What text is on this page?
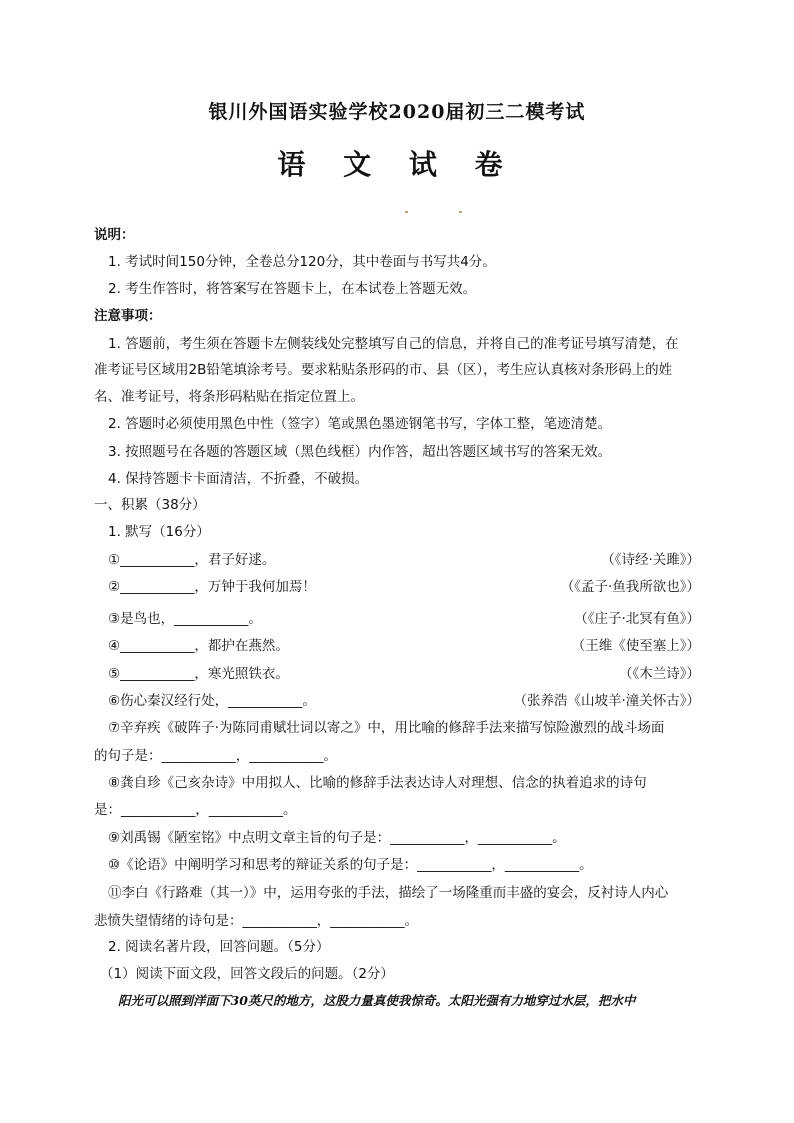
银川外国语实验学校2020届初三二模考试
语 文 试 卷
说明：
1. 考试时间150分钟，全卷总分120分，其中卷面与书写共4分。
2. 考生作答时，将答案写在答题卡上，在本试卷上答题无效。
注意事项：
1. 答题前，考生须在答题卡左侧装线处完整填写自己的信息，并将自己的准考证号填写清楚，在
准考证号区域用2B铅笔填涂考号。要求粘贴条形码的市、县（区），考生应认真核对条形码上的姓
名、准考证号，将条形码粘贴在指定位置上。
2. 答题时必须使用黑色中性（签字）笔或黑色墨迹钢笔书写，字体工整，笔迹清楚。
3. 按照题号在各题的答题区域（黑色线框）内作答，超出答题区域书写的答案无效。
4. 保持答题卡卡面清洁，不折叠，不破损。
一、积累（38分）
1. 默写（16分）
①___________，君子好逑。	（《诗经·关雎》）
②___________，万钟于我何加焉！	（《孟子·鱼我所欲也》）
③是鸟也，___________。	（《庄子·北冥有鱼》）
④___________，都护在燕然。	（王维《使至塞上》）
⑤___________，寒光照铁衣。	（《木兰诗》）
⑥伤心秦汉经行处，___________。	（张养浩《山坡羊·潼关怀古》）
⑦辛弃疾《破阵子·为陈同甫赋壮词以寄之》中，用比喻的修辞手法来描写惊险激烈的战斗场面
的句子是：___________，___________。
⑧龚自珍《己亥杂诗》中用拟人、比喻的修辞手法表达诗人对理想、信念的执着追求的诗句
是：___________，___________。
⑨刘禹锡《陋室铭》中点明文章主旨的句子是：___________，___________。
⑩《论语》中阐明学习和思考的辩证关系的句子是：___________，___________。
⑪李白《行路难（其一）》中，运用夸张的手法，描绘了一场隆重而丰盛的宴会，反衬诗人内心
悲愤失望情绪的诗句是：___________，___________。
2. 阅读名著片段，回答问题。（5分）
（1）阅读下面文段，回答文段后的问题。（2分）
阳光可以照到洋面下30英尺的地方，这股力量真使我惊奇。太阳光强有力地穿过水层，把水中
